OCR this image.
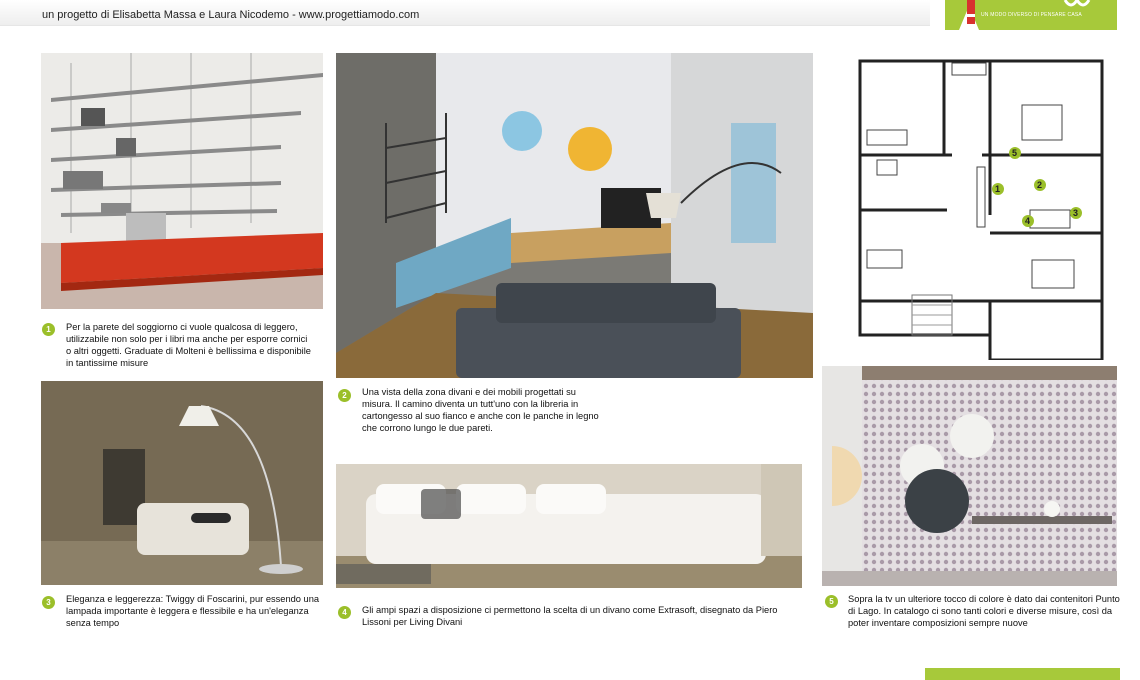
un progetto di Elisabetta Massa e Laura Nicodemo - www.progettiamodo.com	UN MODO DIVERSO DI PENSARE CASA
1	Per la parete del soggiorno ci vuole qualcosa di leggero, utilizzabile non solo per i libri ma anche per esporre cornici o altri oggetti. Graduate di Molteni è bellissima e disponibile in tantissime misure

2	Una vista della zona divani e dei mobili progettati su misura. Il camino diventa un tutt'uno con la libreria in cartongesso al suo fianco e anche con le panche in legno che corrono lungo le due pareti.

1	2
3
4
5
3	Eleganza e leggerezza: Twiggy di Foscarini, pur essendo una lampada importante è leggera e flessibile e ha un'eleganza senza tempo

4	Gli ampi spazi a disposizione ci permettono la scelta di un divano come Extrasoft, disegnato da Piero Lissoni per Living Divani

5	Sopra la tv un ulteriore tocco di colore è dato dai contenitori Punto di Lago. In catalogo ci sono tanti colori e diverse misure, così da poter inventare composizioni sempre nuove
